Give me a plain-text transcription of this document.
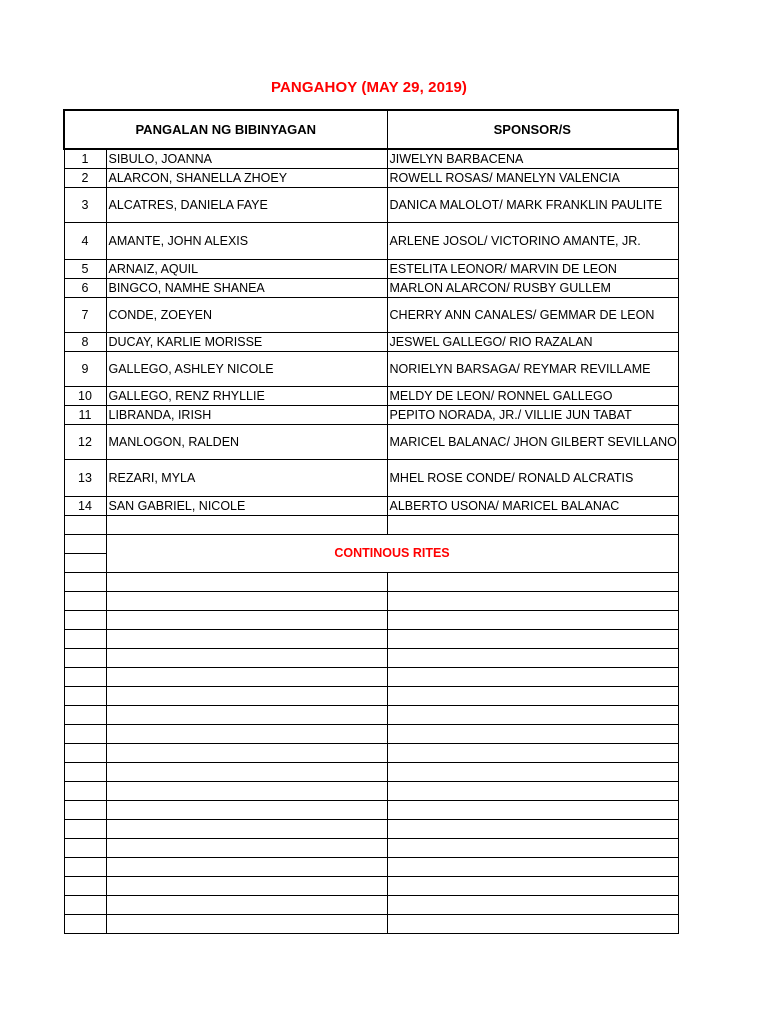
PANGAHOY (MAY 29, 2019)
PANGALAN NG BIBINYAGAN		SPONSOR/S
1	SIBULO, JOANNA	JIWELYN BARBACENA
2	ALARCON, SHANELLA ZHOEY	ROWELL ROSAS/ MANELYN VALENCIA
3	ALCATRES, DANIELA FAYE	DANICA MALOLOT/ MARK FRANKLIN PAULITE
4	AMANTE, JOHN ALEXIS	ARLENE JOSOL/ VICTORINO AMANTE, JR.
5	ARNAIZ, AQUIL	ESTELITA LEONOR/ MARVIN DE LEON
6	BINGCO, NAMHE SHANEA	MARLON ALARCON/ RUSBY GULLEM
7	CONDE, ZOEYEN	CHERRY ANN CANALES/ GEMMAR DE LEON
8	DUCAY, KARLIE MORISSE	JESWEL GALLEGO/ RIO RAZALAN
9	GALLEGO, ASHLEY NICOLE	NORIELYN BARSAGA/ REYMAR REVILLAME
10	GALLEGO, RENZ RHYLLIE	MELDY DE LEON/ RONNEL GALLEGO
11	LIBRANDA, IRISH	PEPITO NORADA, JR./ VILLIE JUN TABAT
12	MANLOGON, RALDEN	MARICEL BALANAC/ JHON GILBERT SEVILLANO
13	REZARI, MYLA	MHEL ROSE CONDE/ RONALD ALCRATIS
14	SAN GABRIEL, NICOLE	ALBERTO USONA/ MARICEL BALANAC

	CONTINOUS RITES	
